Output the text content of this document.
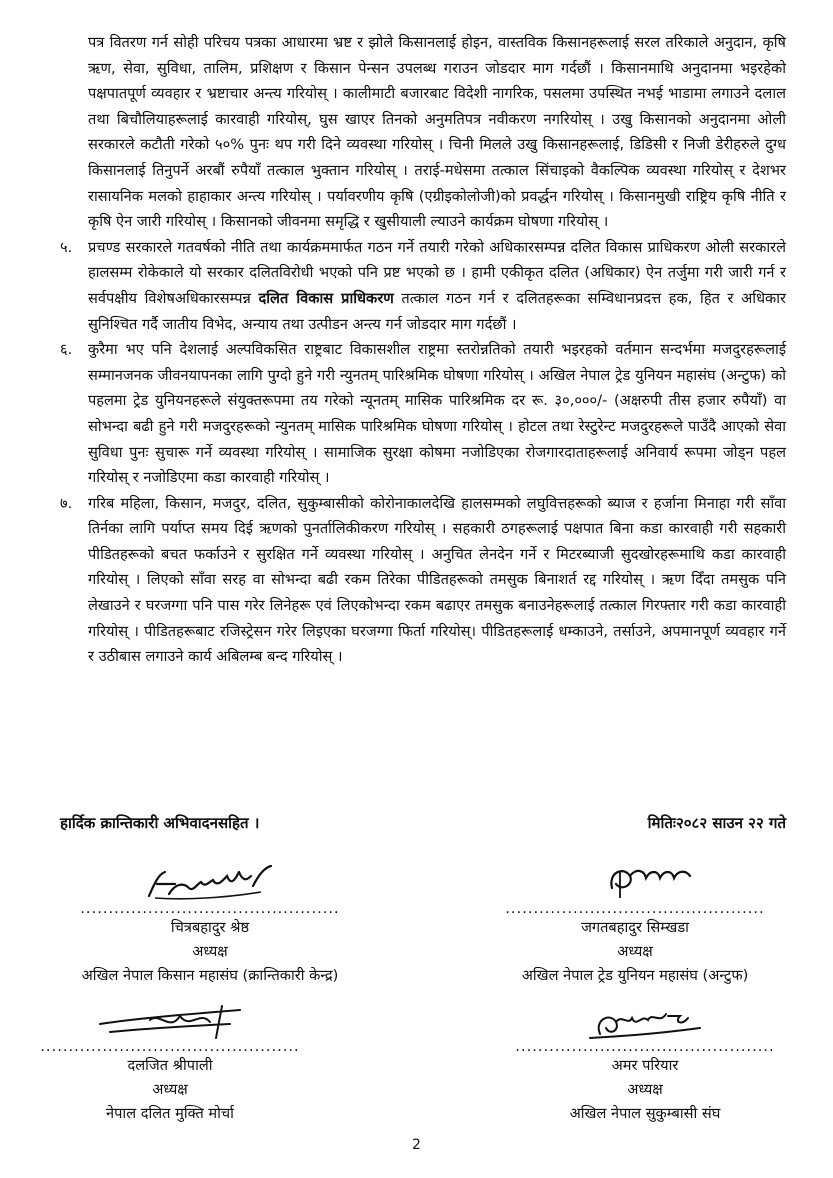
पत्र वितरण गर्न सोही परिचय पत्रका आधारमा भ्रष्ट र झोले किसानलाई होइन, वास्तविक किसानहरूलाई सरल तरिकाले अनुदान, कृषि ऋण, सेवा, सुविधा, तालिम, प्रशिक्षण र किसान पेन्सन उपलब्ध गराउन जोडदार माग गर्दछौं । किसानमाथि अनुदानमा भइरहेको पक्षपातपूर्ण व्यवहार र भ्रष्टाचार अन्त्य गरियोस् । कालीमाटी बजारबाट विदेशी नागरिक, पसलमा उपस्थित नभई भाडामा लगाउने दलाल तथा बिचौलियाहरूलाई कारवाही गरियोस्, घुस खाएर तिनको अनुमतिपत्र नवीकरण नगरियोस् । उखु किसानको अनुदानमा ओली सरकारले कटौती गरेको ५०% पुनः थप गरी दिने व्यवस्था गरियोस् । चिनी मिलले उखु किसानहरूलाई, डिडिसी र निजी डेरीहरुले दुग्ध किसानलाई तिनुपर्ने अरबौं रुपैयाँ तत्काल भुक्तान गरियोस् । तराई-मधेसमा तत्काल सिंचाइको वैकल्पिक व्यवस्था गरियोस् र देशभर रासायनिक मलको हाहाकार अन्त्य गरियोस् । पर्यावरणीय कृषि (एग्रीइकोलोजी)को प्रवर्द्धन गरियोस् । किसानमुखी राष्ट्रिय कृषि नीति र कृषि ऐन जारी गरियोस् । किसानको जीवनमा समृद्धि र खुसीयाली ल्याउने कार्यक्रम घोषणा गरियोस् ।

५.	प्रचण्ड सरकारले गतवर्षको नीति तथा कार्यक्रममार्फत गठन गर्ने तयारी गरेको अधिकारसम्पन्न दलित विकास प्राधिकरण ओली सरकारले हालसम्म रोकेकाले यो सरकार दलितविरोधी भएको पनि प्रष्ट भएको छ । हामी एकीकृत दलित (अधिकार) ऐन तर्जुमा गरी जारी गर्न र सर्वपक्षीय विशेषअधिकारसम्पन्न दलित विकास प्राधिकरण तत्काल गठन गर्न र दलितहरूका सम्विधानप्रदत्त हक, हित र अधिकार सुनिश्चित गर्दै जातीय विभेद, अन्याय तथा उत्पीडन अन्त्य गर्न जोडदार माग गर्दछौं ।

६.	कुरैमा भए पनि देशलाई अल्पविकसित राष्ट्रबाट विकासशील राष्ट्रमा स्तरोन्नतिको तयारी भइरहको वर्तमान सन्दर्भमा मजदुरहरूलाई सम्मानजनक जीवनयापनका लागि पुग्दो हुने गरी न्युनतम् पारिश्रमिक घोषणा गरियोस् । अखिल नेपाल ट्रेड युनियन महासंघ (अन्टुफ) को पहलमा ट्रेड युनियनहरूले संयुक्तरूपमा तय गरेको न्यूनतम् मासिक पारिश्रमिक दर रू. ३०,०००/- (अक्षरुपी तीस हजार रुपैयाँ) वा सोभन्दा बढी हुने गरी मजदुरहरूको न्युनतम् मासिक पारिश्रमिक घोषणा गरियोस् । होटल तथा रेस्टुरेन्ट मजदुरहरूले पाउँदै आएको सेवा सुविधा पुनः सुचारू गर्ने व्यवस्था गरियोस् । सामाजिक सुरक्षा कोषमा नजोडिएका रोजगारदाताहरूलाई अनिवार्य रूपमा जोड्न पहल गरियोस् र नजोडिएमा कडा कारवाही गरियोस् ।

७.	गरिब महिला, किसान, मजदुर, दलित, सुकुम्बासीको कोरोनाकालदेखि हालसम्मको लघुवित्तहरूको ब्याज र हर्जाना मिनाहा गरी साँवा तिर्नका लागि पर्याप्त समय दिई ऋणको पुनर्तालिकीकरण गरियोस् । सहकारी ठगहरूलाई पक्षपात बिना कडा कारवाही गरी सहकारी पीडितहरूको बचत फर्काउने र सुरक्षित गर्ने व्यवस्था गरियोस् । अनुचित लेनदेन गर्ने र मिटरब्याजी सुदखोरहरूमाथि कडा कारवाही गरियोस् । लिएको साँवा सरह वा सोभन्दा बढी रकम तिरेका पीडितहरूको तमसुक बिनाशर्त रद्द गरियोस् । ऋण दिँदा तमसुक पनि लेखाउने र घरजग्गा पनि पास गरेर लिनेहरू एवं लिएकोभन्दा रकम बढाएर तमसुक बनाउनेहरूलाई तत्काल गिरफ्तार गरी कडा कारवाही गरियोस् । पीडितहरूबाट रजिस्ट्रेसन गरेर लिइएका घरजग्गा फिर्ता गरियोस्। पीडितहरूलाई धम्काउने, तर्साउने, अपमानपूर्ण व्यवहार गर्ने र उठीबास लगाउने कार्य अबिलम्ब बन्द गरियोस् ।

हार्दिक क्रान्तिकारी अभिवादनसहित ।	मितिः२०८२ साउन २२ गते
..............................................
चित्रबहादुर श्रेष्ठ
अध्यक्ष
अखिल नेपाल किसान महासंघ (क्रान्तिकारी केन्द्र)
..............................................
जगतबहादुर सिम्खडा
अध्यक्ष
अखिल नेपाल ट्रेड युनियन महासंघ (अन्टुफ)
..............................................
दलजित श्रीपाली
अध्यक्ष
नेपाल दलित मुक्ति मोर्चा
..............................................
अमर परियार
अध्यक्ष
अखिल नेपाल सुकुम्बासी संघ
2
